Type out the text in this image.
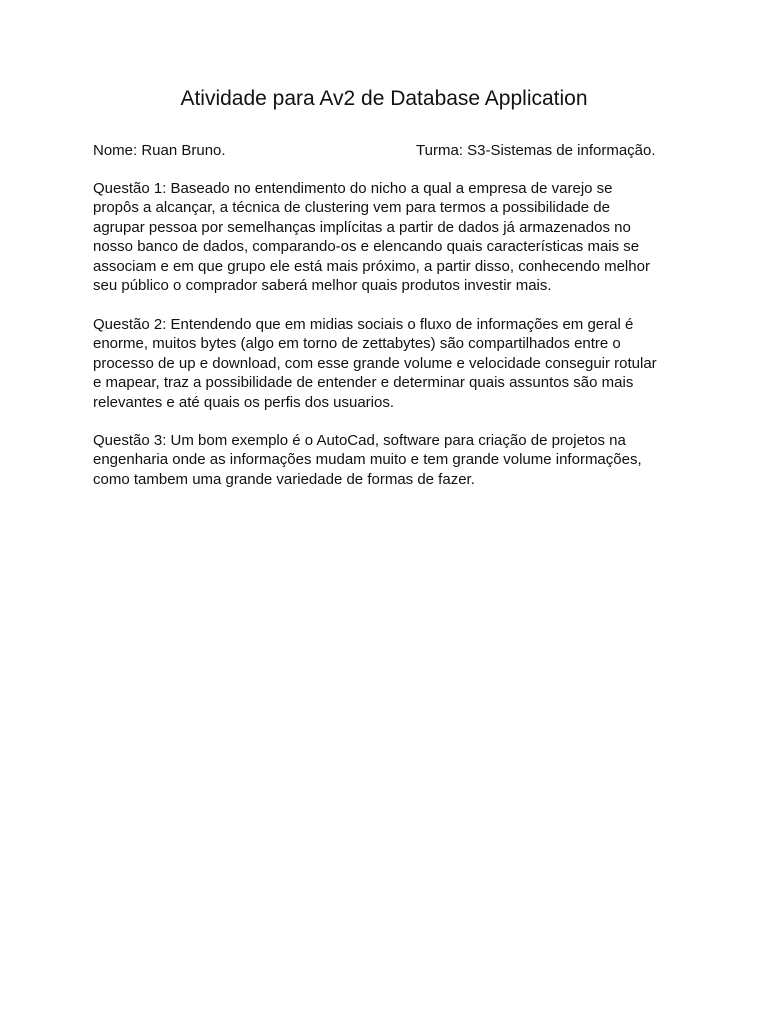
Atividade para Av2 de Database Application
Nome: Ruan Bruno.	Turma: S3-Sistemas de informação.
Questão 1: Baseado no entendimento do nicho a qual a empresa de varejo se
propôs a alcançar, a técnica de clustering vem para termos a possibilidade de
agrupar pessoa por semelhanças implícitas a partir de dados já armazenados no
nosso banco de dados, comparando-os e elencando quais características mais se
associam e em que grupo ele está mais próximo, a partir disso, conhecendo melhor
seu público o comprador saberá melhor quais produtos investir mais.
Questão 2: Entendendo que em midias sociais o fluxo de informações em geral é
enorme, muitos bytes (algo em torno de zettabytes) são compartilhados entre o
processo de up e download, com esse grande volume e velocidade conseguir rotular
e mapear, traz a possibilidade de entender e determinar quais assuntos são mais
relevantes e até quais os perfis dos usuarios.
Questão 3: Um bom exemplo é o AutoCad, software para criação de projetos na
engenharia onde as informações mudam muito e tem grande volume informações,
como tambem uma grande variedade de formas de fazer.
